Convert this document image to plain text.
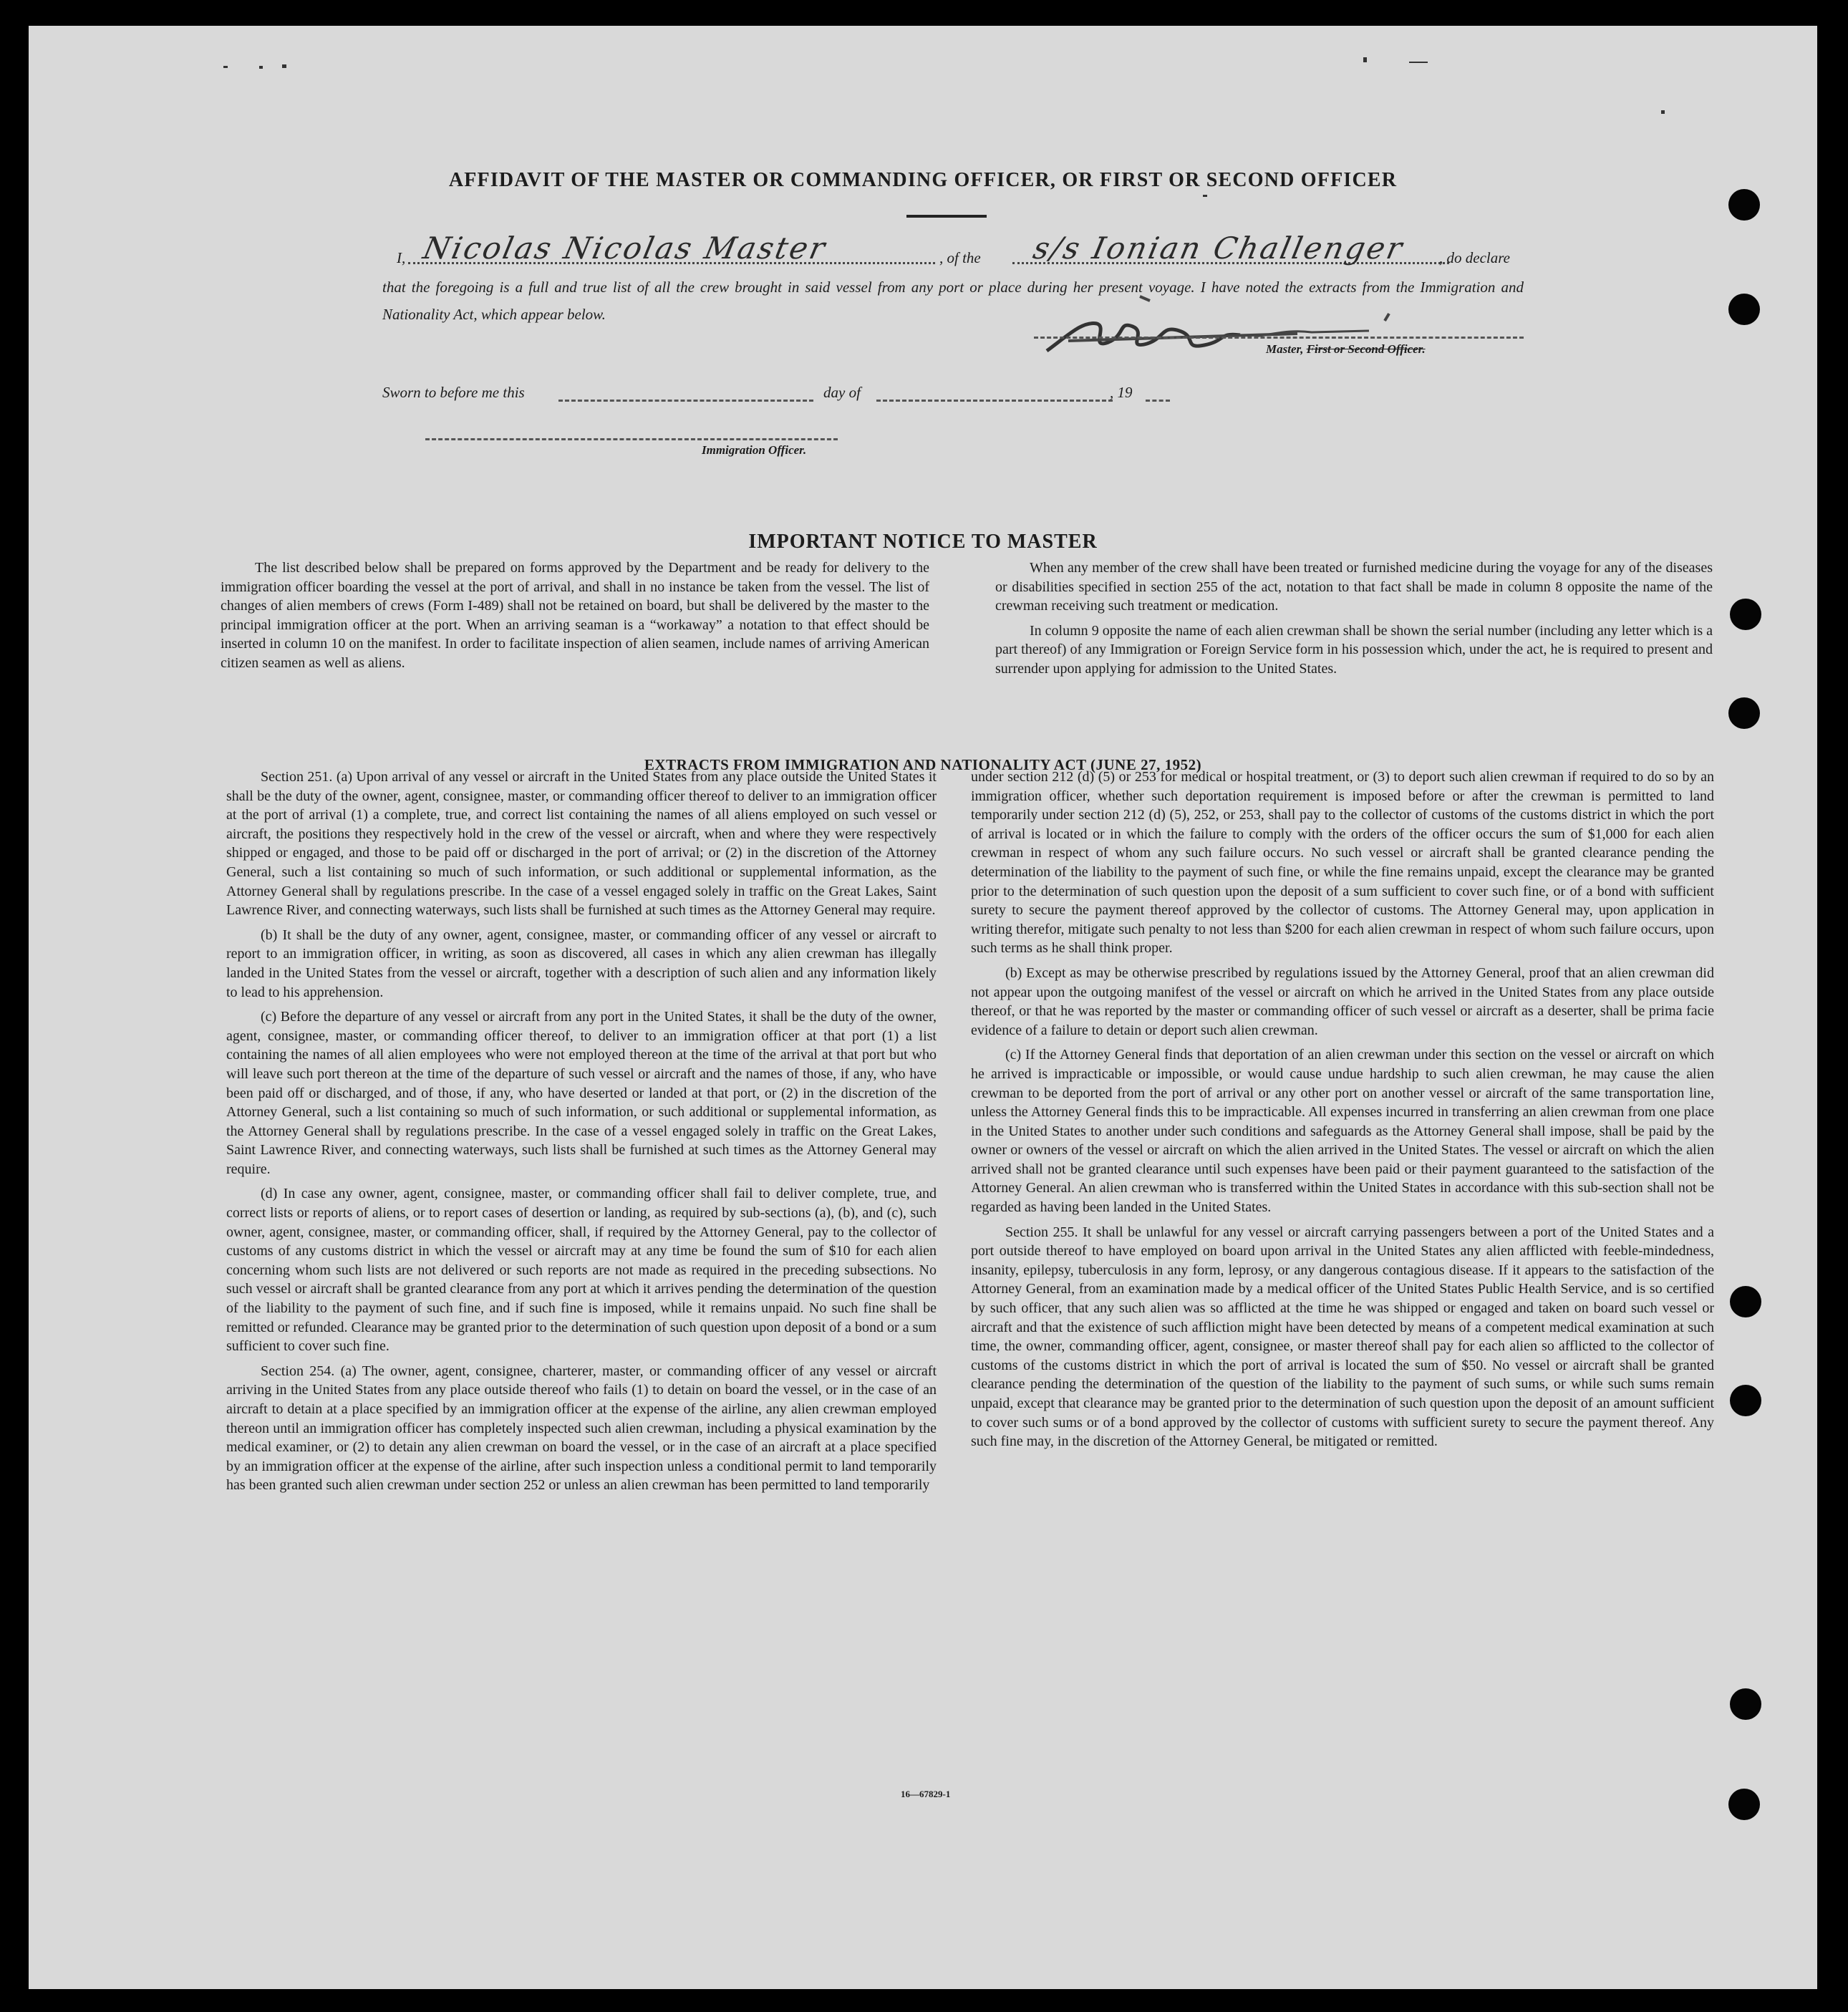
AFFIDAVIT OF THE MASTER OR COMMANDING OFFICER, OR FIRST OR SECOND OFFICER
I, Nicolas Nicolas Master	, of the s/s Ionian Challenger , do declare
that the foregoing is a full and true list of all the crew brought in said vessel from any port or place during her present voyage. I have noted the extracts from the Immigration and Nationality Act, which appear below.
Master, First or Second Officer.
Sworn to before me this	day of	, 19
Immigration Officer.
IMPORTANT NOTICE TO MASTER

The list described below shall be prepared on forms approved by the Department and be ready for delivery to the immigration officer boarding the vessel at the port of arrival, and shall in no instance be taken from the vessel. The list of changes of alien members of crews (Form I-489) shall not be retained on board, but shall be delivered by the master to the principal immigration officer at the port. When an arriving seaman is a “workaway” a notation to that effect should be inserted in column 10 on the manifest. In order to facilitate inspection of alien seamen, include names of arriving American citizen seamen as well as aliens.

When any member of the crew shall have been treated or furnished medicine during the voyage for any of the diseases or disabilities specified in section 255 of the act, notation to that fact shall be made in column 8 opposite the name of the crewman receiving such treatment or medication.

In column 9 opposite the name of each alien crewman shall be shown the serial number (including any letter which is a part thereof) of any Immigration or Foreign Service form in his possession which, under the act, he is required to present and surrender upon applying for admission to the United States.

EXTRACTS FROM IMMIGRATION AND NATIONALITY ACT (JUNE 27, 1952)

Section 251. (a) Upon arrival of any vessel or aircraft in the United States from any place outside the United States it shall be the duty of the owner, agent, consignee, master, or commanding officer thereof to deliver to an immigration officer at the port of arrival (1) a complete, true, and correct list containing the names of all aliens employed on such vessel or aircraft, the positions they respectively hold in the crew of the vessel or aircraft, when and where they were respectively shipped or engaged, and those to be paid off or discharged in the port of arrival; or (2) in the discretion of the Attorney General, such a list containing so much of such information, or such additional or supplemental information, as the Attorney General shall by regulations prescribe. In the case of a vessel engaged solely in traffic on the Great Lakes, Saint Lawrence River, and connecting waterways, such lists shall be furnished at such times as the Attorney General may require.

(b) It shall be the duty of any owner, agent, consignee, master, or commanding officer of any vessel or aircraft to report to an immigration officer, in writing, as soon as discovered, all cases in which any alien crewman has illegally landed in the United States from the vessel or aircraft, together with a description of such alien and any information likely to lead to his apprehension.

(c) Before the departure of any vessel or aircraft from any port in the United States, it shall be the duty of the owner, agent, consignee, master, or commanding officer thereof, to deliver to an immigration officer at that port (1) a list containing the names of all alien employees who were not employed thereon at the time of the arrival at that port but who will leave such port thereon at the time of the departure of such vessel or aircraft and the names of those, if any, who have been paid off or discharged, and of those, if any, who have deserted or landed at that port, or (2) in the discretion of the Attorney General, such a list containing so much of such information, or such additional or supplemental information, as the Attorney General shall by regulations prescribe. In the case of a vessel engaged solely in traffic on the Great Lakes, Saint Lawrence River, and connecting waterways, such lists shall be furnished at such times as the Attorney General may require.

(d) In case any owner, agent, consignee, master, or commanding officer shall fail to deliver complete, true, and correct lists or reports of aliens, or to report cases of desertion or landing, as required by sub-sections (a), (b), and (c), such owner, agent, consignee, master, or commanding officer, shall, if required by the Attorney General, pay to the collector of customs of any customs district in which the vessel or aircraft may at any time be found the sum of $10 for each alien concerning whom such lists are not delivered or such reports are not made as required in the preceding subsections. No such vessel or aircraft shall be granted clearance from any port at which it arrives pending the determination of the question of the liability to the payment of such fine, and if such fine is imposed, while it remains unpaid. No such fine shall be remitted or refunded. Clearance may be granted prior to the determination of such question upon deposit of a bond or a sum sufficient to cover such fine.

Section 254. (a) The owner, agent, consignee, charterer, master, or commanding officer of any vessel or aircraft arriving in the United States from any place outside thereof who fails (1) to detain on board the vessel, or in the case of an aircraft to detain at a place specified by an immigration officer at the expense of the airline, any alien crewman employed thereon until an immigration officer has completely inspected such alien crewman, including a physical examination by the medical examiner, or (2) to detain any alien crewman on board the vessel, or in the case of an aircraft at a place specified by an immigration officer at the expense of the airline, after such inspection unless a conditional permit to land temporarily has been granted such alien crewman under section 252 or unless an alien crewman has been permitted to land temporarily

under section 212 (d) (5) or 253 for medical or hospital treatment, or (3) to deport such alien crewman if required to do so by an immigration officer, whether such deportation requirement is imposed before or after the crewman is permitted to land temporarily under section 212 (d) (5), 252, or 253, shall pay to the collector of customs of the customs district in which the port of arrival is located or in which the failure to comply with the orders of the officer occurs the sum of $1,000 for each alien crewman in respect of whom any such failure occurs. No such vessel or aircraft shall be granted clearance pending the determination of the liability to the payment of such fine, or while the fine remains unpaid, except the clearance may be granted prior to the determination of such question upon the deposit of a sum sufficient to cover such fine, or of a bond with sufficient surety to secure the payment thereof approved by the collector of customs. The Attorney General may, upon application in writing therefor, mitigate such penalty to not less than $200 for each alien crewman in respect of whom such failure occurs, upon such terms as he shall think proper.

(b) Except as may be otherwise prescribed by regulations issued by the Attorney General, proof that an alien crewman did not appear upon the outgoing manifest of the vessel or aircraft on which he arrived in the United States from any place outside thereof, or that he was reported by the master or commanding officer of such vessel or aircraft as a deserter, shall be prima facie evidence of a failure to detain or deport such alien crewman.

(c) If the Attorney General finds that deportation of an alien crewman under this section on the vessel or aircraft on which he arrived is impracticable or impossible, or would cause undue hardship to such alien crewman, he may cause the alien crewman to be deported from the port of arrival or any other port on another vessel or aircraft of the same transportation line, unless the Attorney General finds this to be impracticable. All expenses incurred in transferring an alien crewman from one place in the United States to another under such conditions and safeguards as the Attorney General shall impose, shall be paid by the owner or owners of the vessel or aircraft on which the alien arrived in the United States. The vessel or aircraft on which the alien arrived shall not be granted clearance until such expenses have been paid or their payment guaranteed to the satisfaction of the Attorney General. An alien crewman who is transferred within the United States in accordance with this sub-section shall not be regarded as having been landed in the United States.

Section 255. It shall be unlawful for any vessel or aircraft carrying passengers between a port of the United States and a port outside thereof to have employed on board upon arrival in the United States any alien afflicted with feeble-mindedness, insanity, epilepsy, tuberculosis in any form, leprosy, or any dangerous contagious disease. If it appears to the satisfaction of the Attorney General, from an examination made by a medical officer of the United States Public Health Service, and is so certified by such officer, that any such alien was so afflicted at the time he was shipped or engaged and taken on board such vessel or aircraft and that the existence of such affliction might have been detected by means of a competent medical examination at such time, the owner, commanding officer, agent, consignee, or master thereof shall pay for each alien so afflicted to the collector of customs of the customs district in which the port of arrival is located the sum of $50. No vessel or aircraft shall be granted clearance pending the determination of the question of the liability to the payment of such sums, or while such sums remain unpaid, except that clearance may be granted prior to the determination of such question upon the deposit of an amount sufficient to cover such sums or of a bond approved by the collector of customs with sufficient surety to secure the payment thereof. Any such fine may, in the discretion of the Attorney General, be mitigated or remitted.

16—67829-1
